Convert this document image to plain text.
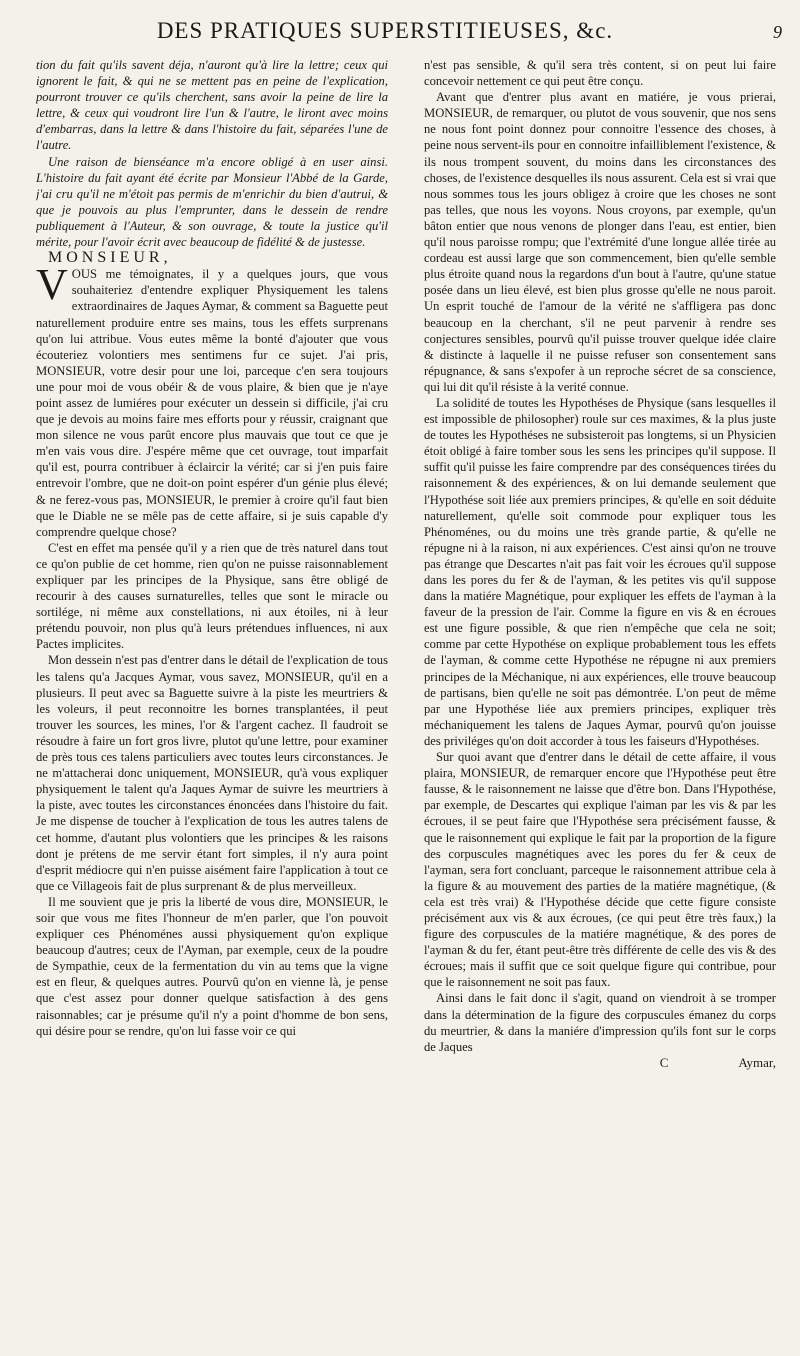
DES PRATIQUES SUPERSTITIEUSES, &c.	9

tion du fait qu'ils savent déja, n'auront qu'à lire la lettre; ceux qui ignorent le fait, & qui ne se mettent pas en peine de l'explication, pourront trouver ce qu'ils cherchent, sans avoir la peine de lire la lettre, & ceux qui voudront lire l'un & l'autre, le liront avec moins d'embarras, dans la lettre & dans l'histoire du fait, séparées l'une de l'autre.

Une raison de bienséance m'a encore obligé à en user ainsi. L'histoire du fait ayant été écrite par Monsieur l'Abbé de la Garde, j'ai cru qu'il ne m'étoit pas permis de m'enrichir du bien d'autrui, & que je pouvois au plus l'emprunter, dans le dessein de rendre publiquement à l'Auteur, & son ouvrage, & toute la justice qu'il mérite, pour l'avoir écrit avec beaucoup de fidélité & de justesse.

MONSIEUR,

VOUS me témoignates, il y a quelques jours, que vous souhaiteriez d'entendre expliquer Physiquement les talens extraordinaires de Jaques Aymar, & comment sa Baguette peut naturellement produire entre ses mains, tous les effets surprenans qu'on lui attribue. Vous eutes même la bonté d'ajouter que vous écouteriez volontiers mes sentimens fur ce sujet. J'ai pris, MONSIEUR, votre desir pour une loi, parceque c'en sera toujours une pour moi de vous obéir & de vous plaire, & bien que je n'aye point assez de lumiéres pour exécuter un dessein si difficile, j'ai cru que je devois au moins faire mes efforts pour y réussir, craignant que mon silence ne vous parût encore plus mauvais que tout ce que je m'en vais vous dire. J'espére même que cet ouvrage, tout imparfait qu'il est, pourra contribuer à éclaircir la vérité; car si j'en puis faire entrevoir l'ombre, que ne doit-on point espérer d'un génie plus élevé; & ne ferez-vous pas, MONSIEUR, le premier à croire qu'il faut bien que le Diable ne se mêle pas de cette affaire, si je suis capable d'y comprendre quelque chose?

C'est en effet ma pensée qu'il y a rien que de très naturel dans tout ce qu'on publie de cet homme, rien qu'on ne puisse raisonnablement expliquer par les principes de la Physique, sans être obligé de recourir à des causes surnaturelles, telles que sont le miracle ou sortilége, ni même aux constellations, ni aux étoiles, ni à leur prétendu pouvoir, non plus qu'à leurs prétendues influences, ni aux Pactes implicites.

Mon dessein n'est pas d'entrer dans le détail de l'explication de tous les talens qu'a Jacques Aymar, vous savez, MONSIEUR, qu'il en a plusieurs. Il peut avec sa Baguette suivre à la piste les meurtriers & les voleurs, il peut reconnoitre les bornes transplantées, il peut trouver les sources, les mines, l'or & l'argent cachez. Il faudroit se résoudre à faire un fort gros livre, plutot qu'une lettre, pour examiner de près tous ces talens particuliers avec toutes leurs circonstances. Je ne m'attacherai donc uniquement, MONSIEUR, qu'à vous expliquer physiquement le talent qu'a Jaques Aymar de suivre les meurtriers à la piste, avec toutes les circonstances énoncées dans l'histoire du fait. Je me dispense de toucher à l'explication de tous les autres talens de cet homme, d'autant plus volontiers que les principes & les raisons dont je prétens de me servir étant fort simples, il n'y aura point d'esprit médiocre qui n'en puisse aisément faire l'application à tout ce que ce Villageois fait de plus surprenant & de plus merveilleux.

Il me souvient que je pris la liberté de vous dire, MONSIEUR, le soir que vous me fites l'honneur de m'en parler, que l'on pouvoit expliquer ces Phénoménes aussi physiquement qu'on explique beaucoup d'autres; ceux de l'Ayman, par exemple, ceux de la poudre de Sympathie, ceux de la fermentation du vin au tems que la vigne est en fleur, & quelques autres. Pourvû qu'on en vienne là, je pense que c'est assez pour donner quelque satisfaction à des gens raisonnables; car je présume qu'il n'y a point d'homme de bon sens, qui désire pour se rendre, qu'on lui fasse voir ce qui

n'est pas sensible, & qu'il sera très content, si on peut lui faire concevoir nettement ce qui peut être conçu.

Avant que d'entrer plus avant en matiére, je vous prierai, MONSIEUR, de remarquer, ou plutot de vous souvenir, que nos sens ne nous font point donnez pour connoitre l'essence des choses, à peine nous servent-ils pour en connoitre infailliblement l'existence, & ils nous trompent souvent, du moins dans les circonstances des choses, de l'existence desquelles ils nous assurent. Cela est si vrai que nous sommes tous les jours obligez à croire que les choses ne sont pas telles, que nous les voyons. Nous croyons, par exemple, qu'un bâton entier que nous venons de plonger dans l'eau, est entier, bien qu'il nous paroisse rompu; que l'extrémité d'une longue allée tirée au cordeau est aussi large que son commencement, bien qu'elle semble plus étroite quand nous la regardons d'un bout à l'autre, qu'une statue posée dans un lieu élevé, est bien plus grosse qu'elle ne nous paroit. Un esprit touché de l'amour de la vérité ne s'affligera pas donc beaucoup en la cherchant, s'il ne peut parvenir à rendre ses conjectures sensibles, pourvû qu'il puisse trouver quelque idée claire & distincte à laquelle il ne puisse refuser son consentement sans répugnance, & sans s'expofer à un reproche sécret de sa conscience, qui lui dit qu'il résiste à la verité connue.

La solidité de toutes les Hypothéses de Physique (sans lesquelles il est impossible de philosopher) roule sur ces maximes, & la plus juste de toutes les Hypothéses ne subsisteroit pas longtems, si un Physicien étoit obligé à faire tomber sous les sens les principes qu'il suppose. Il suffit qu'il puisse les faire comprendre par des conséquences tirées du raisonnement & des expériences, & on lui demande seulement que l'Hypothése soit liée aux premiers principes, & qu'elle en soit déduite naturellement, qu'elle soit commode pour expliquer tous les Phénoménes, ou du moins une très grande partie, & qu'elle ne répugne ni à la raison, ni aux expériences. C'est ainsi qu'on ne trouve pas étrange que Descartes n'ait pas fait voir les écroues qu'il suppose dans les pores du fer & de l'ayman, & les petites vis qu'il suppose dans la matiére Magnétique, pour expliquer les effets de l'ayman à la faveur de la pression de l'air. Comme la figure en vis & en écroues est une figure possible, & que rien n'empêche que cela ne soit; comme par cette Hypothése on explique probablement tous les effets de l'ayman, & comme cette Hypothése ne répugne ni aux premiers principes de la Méchanique, ni aux expériences, elle trouve beaucoup de partisans, bien qu'elle ne soit pas démontrée. L'on peut de même par une Hypothése liée aux premiers principes, expliquer très méchaniquement les talens de Jaques Aymar, pourvû qu'on jouisse des priviléges qu'on doit accorder à tous les faiseurs d'Hypothéses.

Sur quoi avant que d'entrer dans le détail de cette affaire, il vous plaira, MONSIEUR, de remarquer encore que l'Hypothése peut être fausse, & le raisonnement ne laisse que d'être bon. Dans l'Hypothése, par exemple, de Descartes qui explique l'aiman par les vis & par les écroues, il se peut faire que l'Hypothése sera précisément fausse, & que le raisonnement qui explique le fait par la proportion de la figure des corpuscules magnétiques avec les pores du fer & ceux de l'ayman, sera fort concluant, parceque le raisonnement attribue cela à la figure & au mouvement des parties de la matiére magnétique, (& cela est très vrai) & l'Hypothése décide que cette figure consiste précisément aux vis & aux écroues, (ce qui peut être très faux,) la figure des corpuscules de la matiére magnétique, & des pores de l'ayman & du fer, étant peut-être très différente de celle des vis & des écroues; mais il suffit que ce soit quelque figure qui contribue, pour que le raisonnement ne soit pas faux.

Ainsi dans le fait donc il s'agit, quand on viendroit à se tromper dans la détermination de la figure des corpuscules émanez du corps du meurtrier, & dans la maniére d'impression qu'ils font sur le corps de Jaques

C	Aymar,
